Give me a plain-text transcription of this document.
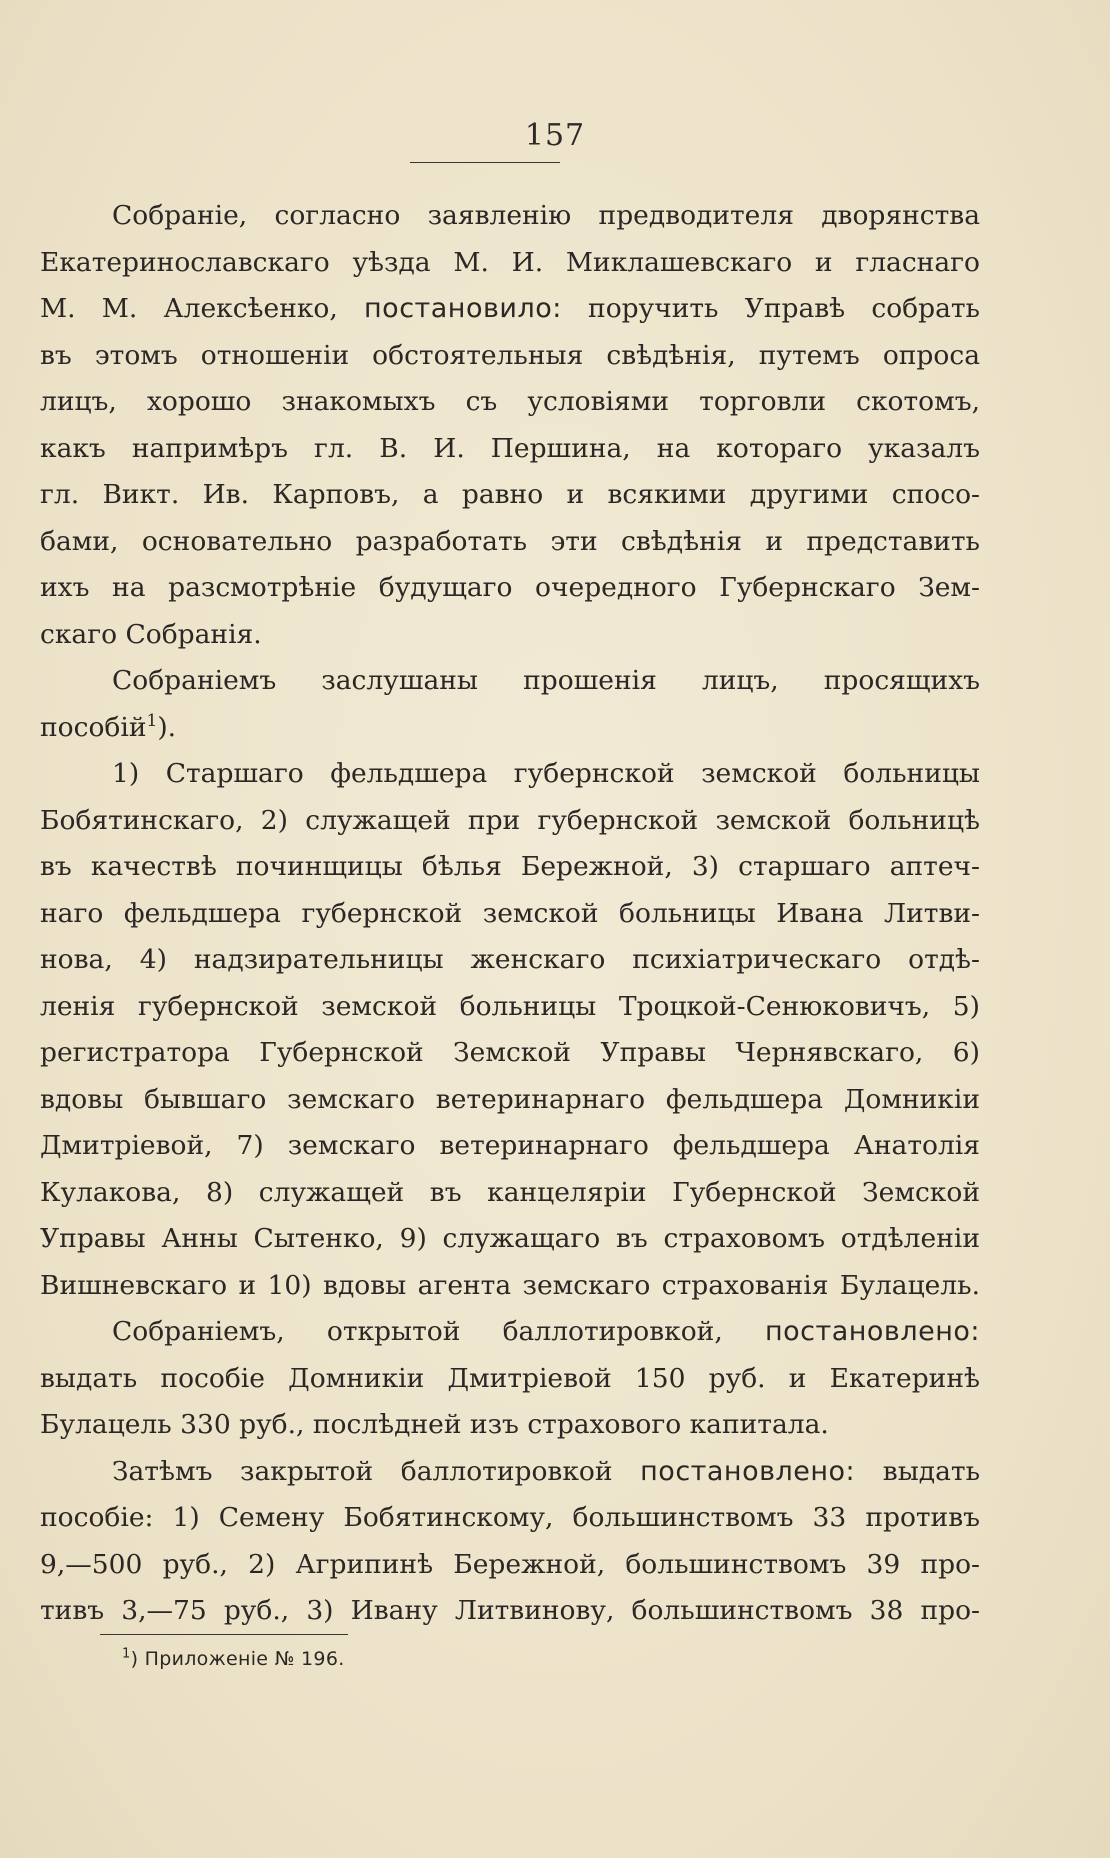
157
Собраніе, согласно заявленію предводителя дворянства
Екатеринославскаго уѣзда М. И. Миклашевскаго и гласнаго
М. М. Алексѣенко, постановило: поручить Управѣ собрать
въ этомъ отношеніи обстоятельныя свѣдѣнія, путемъ опроса
лицъ, хорошо знакомыхъ съ условіями торговли скотомъ,
какъ напримѣръ гл. В. И. Першина, на котораго указалъ
гл. Викт. Ив. Карповъ, а равно и всякими другими спосо-
бами, основательно разработать эти свѣдѣнія и представить
ихъ на разсмотрѣніе будущаго очередного Губернскаго Зем-
скаго Собранія.
Собраніемъ заслушаны прошенія лицъ, просящихъ
пособій$^1$).
1) Старшаго фельдшера губернской земской больницы
Бобятинскаго, 2) служащей при губернской земской больницѣ
въ качествѣ починщицы бѣлья Бережной, 3) старшаго аптеч-
наго фельдшера губернской земской больницы Ивана Литви-
нова, 4) надзирательницы женскаго психіатрическаго отдѣ-
ленія губернской земской больницы Троцкой-Сенюковичъ, 5)
регистратора Губернской Земской Управы Чернявскаго, 6)
вдовы бывшаго земскаго ветеринарнаго фельдшера Домникіи
Дмитріевой, 7) земскаго ветеринарнаго фельдшера Анатолія
Кулакова, 8) служащей въ канцеляріи Губернской Земской
Управы Анны Сытенко, 9) служащаго въ страховомъ отдѣленіи
Вишневскаго и 10) вдовы агента земскаго страхованія Булацель.
Собраніемъ, открытой баллотировкой, постановлено:
выдать пособіе Домникіи Дмитріевой 150 руб. и Екатеринѣ
Булацель 330 руб., послѣдней изъ страхового капитала.
Затѣмъ закрытой баллотировкой постановлено: выдать
пособіе: 1) Семену Бобятинскому, большинствомъ 33 противъ
9,—500 руб., 2) Агрипинѣ Бережной, большинствомъ 39 про-
тивъ 3,—75 руб., 3) Ивану Литвинову, большинствомъ 38 про-
$^1$) Приложеніе № 196.
